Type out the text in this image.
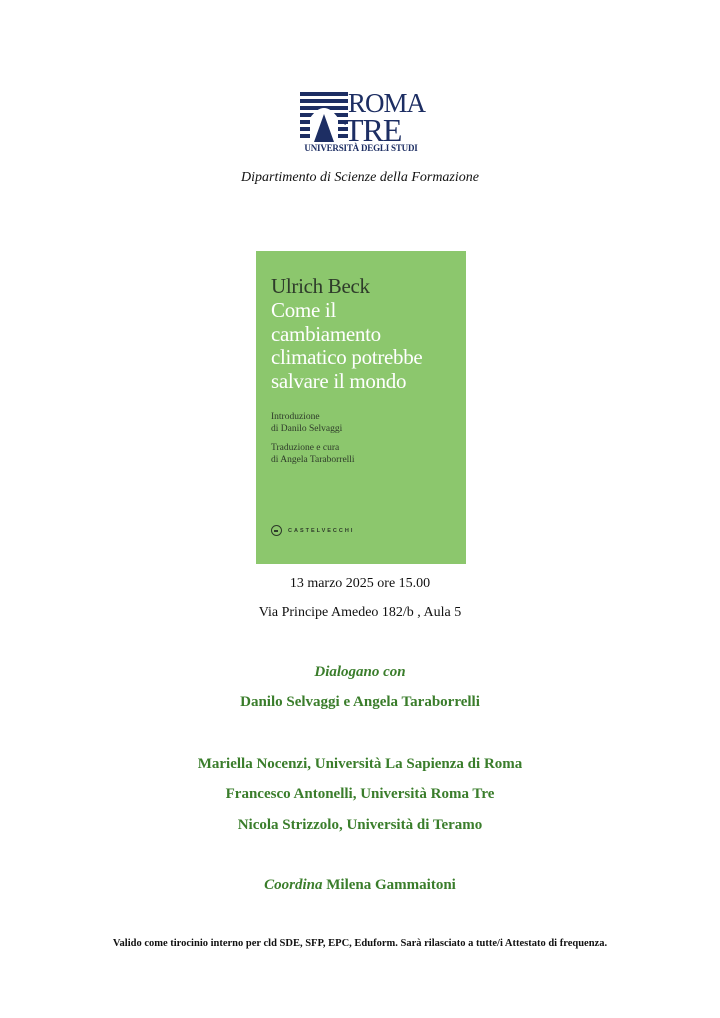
ROMA
TRE
UNIVERSITÀ DEGLI STUDI
Dipartimento di Scienze della Formazione
Ulrich Beck
Come il
cambiamento
climatico potrebbe
salvare il mondo
Introduzione
di Danilo Selvaggi
Traduzione e cura
di Angela Taraborrelli
CASTELVECCHI
13 marzo 2025 ore 15.00
Via Principe Amedeo 182/b , Aula 5
Dialogano con
Danilo Selvaggi e Angela Taraborrelli
Mariella Nocenzi, Università La Sapienza di Roma
Francesco Antonelli, Università Roma Tre
Nicola Strizzolo, Università di Teramo
Coordina Milena Gammaitoni
Valido come tirocinio interno per cld SDE, SFP, EPC, Eduform. Sarà rilasciato a tutte/i Attestato di frequenza.
